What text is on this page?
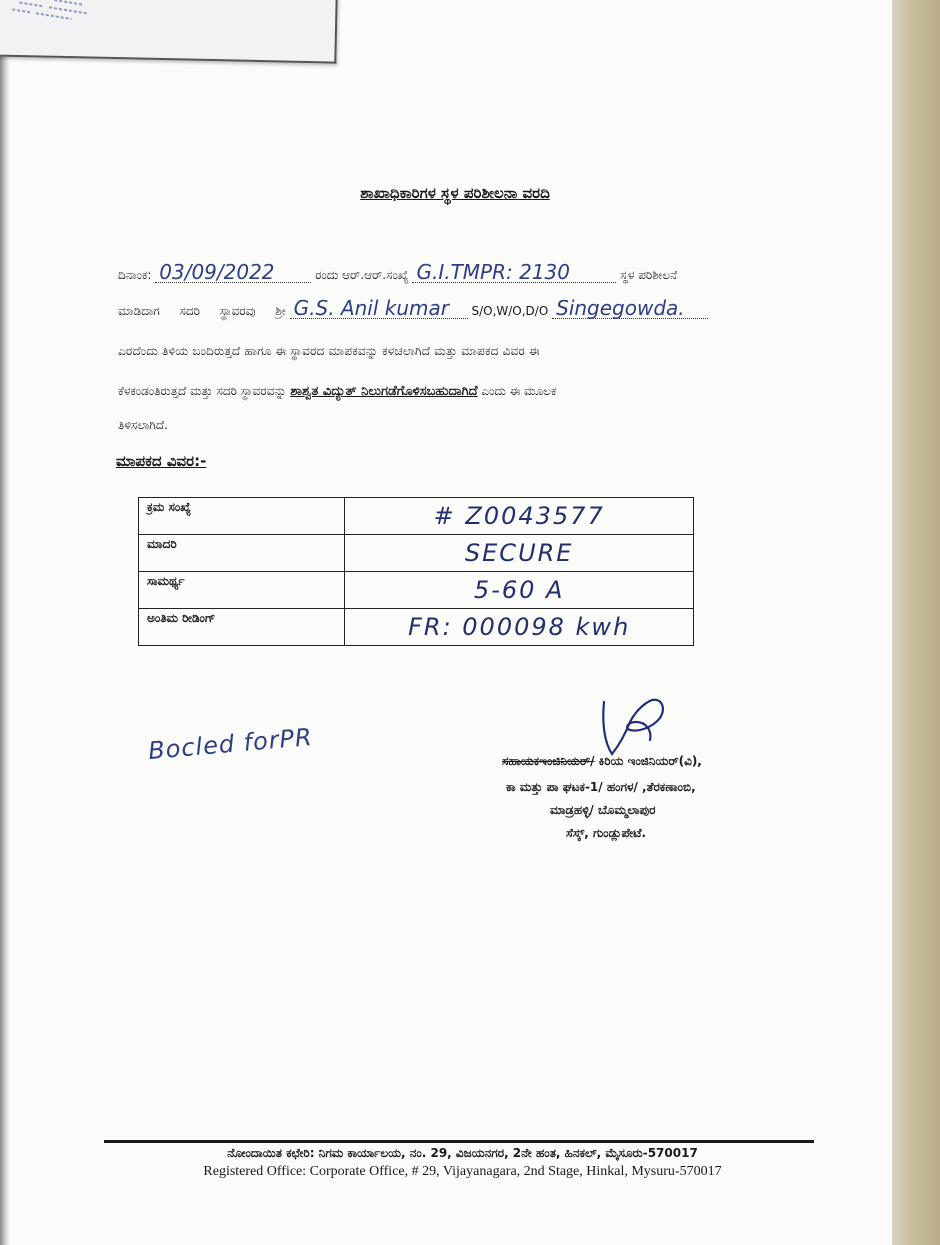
ಶಾಖಾಧಿಕಾರಿಗಳ ಸ್ಥಳ ಪರಿಶೀಲನಾ ವರದಿ
ದಿನಾಂಕ: 03/09/2022	ರಂದು ಆರ್.ಆರ್.ಸಂಖ್ಯೆ G.I.TMPR: 2130	ಸ್ಥಳ ಪರಿಶೀಲನೆ
ಮಾಡಿದಾಗ ಸದರಿ ಸ್ಥಾವರವು ಶ್ರೀ G.S. Anil kumar S/O,W/O,D/O Singegowda.
ಎರದೆಂದು ತಿಳಿಯ ಬಂದಿರುತ್ತದೆ ಹಾಗೂ ಈ ಸ್ಥಾವರದ ಮಾಪಕವನ್ನು ಕಳಚಲಾಗಿದೆ ಮತ್ತು ಮಾಪಕದ ವಿವರ ಈ
ಕೆಳಕಂಡಂತಿರುತ್ತದೆ ಮತ್ತು ಸದರಿ ಸ್ಥಾವರವನ್ನು ಶಾಶ್ವತ ವಿದ್ಯುತ್ ನಿಲುಗಡೆಗೊಳಿಸಬಹುದಾಗಿದೆ ಎಂದು ಈ ಮೂಲಕ
ತಿಳಿಸಲಾಗಿದೆ.
ಮಾಪಕದ ವಿವರ:-
ಕ್ರಮ ಸಂಖ್ಯೆ	# Z0043577
ಮಾದರಿ	SECURE
ಸಾಮರ್ಥ್ಯ	5-60 A
ಅಂತಿಮ ರೀಡಿಂಗ್	FR: 000098 kwh
Bocled forPR	ಸಹಾಯಕಇಂಜಿನಿಯರ್/ ಕಿರಿಯ ಇಂಜಿನಿಯರ್(ವಿ),
ಕಾ ಮತ್ತು ಪಾ ಘಟಕ-1/ ಹಂಗಳ/ ,ತೆರಕಣಾಂಬಿ,
ಮಾಡ್ರಹಳ್ಳಿ/ ಬೊಮ್ಮಲಾಪುರ
ಸೆಸ್ಕ್, ಗುಂಡ್ಲುಪೇಟೆ.
ನೋಂದಾಯಿತ ಕಛೇರಿ: ನಿಗಮ ಕಾರ್ಯಾಲಯ, ನಂ. 29, ವಿಜಯನಗರ, 2ನೇ ಹಂತ, ಹಿನಕಲ್, ಮೈಸೂರು-570017
Registered Office: Corporate Office, # 29, Vijayanagara, 2nd Stage, Hinkal, Mysuru-570017
